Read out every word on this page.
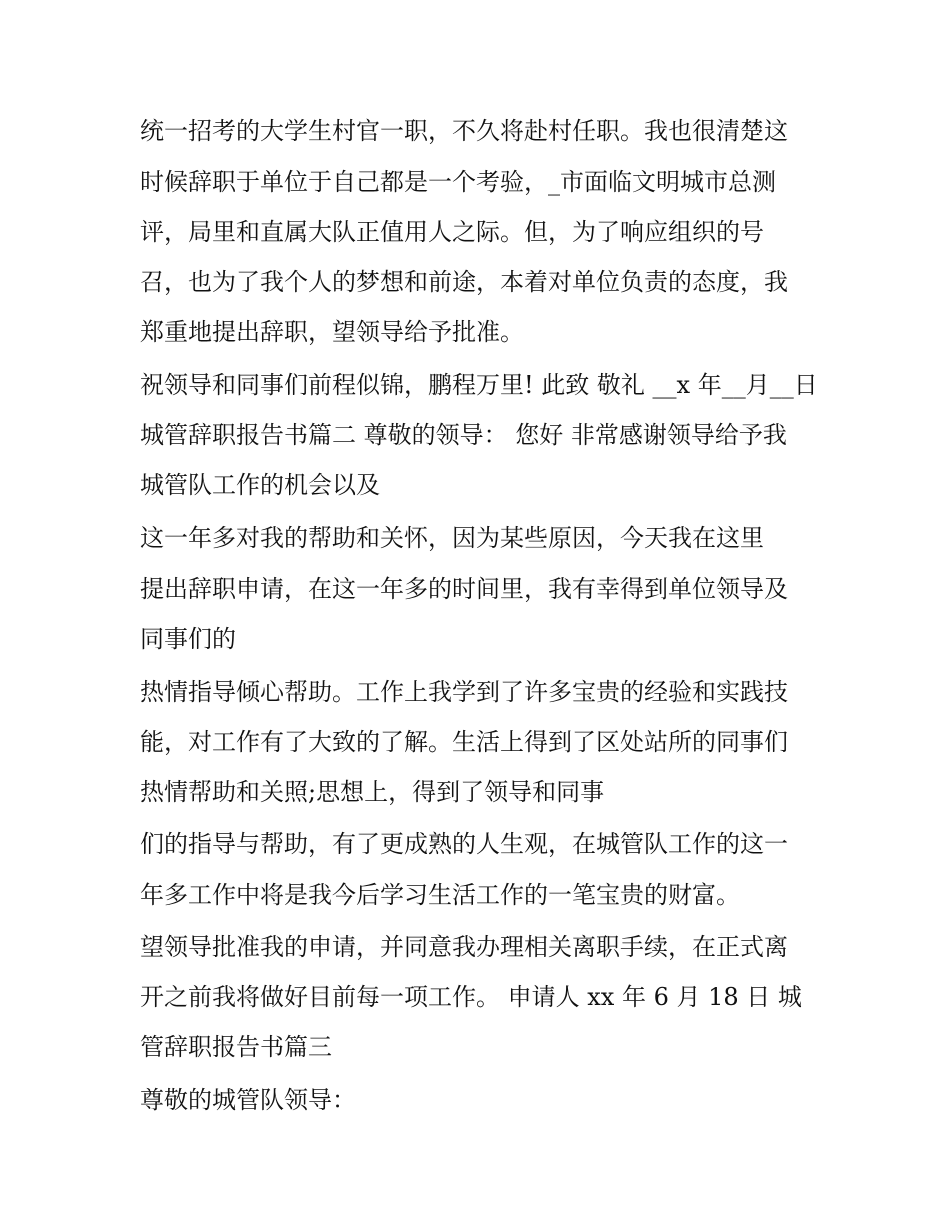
统一招考的大学生村官一职，不久将赴村任职。我也很清楚这
时候辞职于单位于自己都是一个考验，_市面临文明城市总测
评，局里和直属大队正值用人之际。但，为了响应组织的号
召，也为了我个人的梦想和前途，本着对单位负责的态度，我
郑重地提出辞职，望领导给予批准。
祝领导和同事们前程似锦，鹏程万里! 此致 敬礼 __x 年__月__日
城管辞职报告书篇二 尊敬的领导： 您好 非常感谢领导给予我
城管队工作的机会以及
这一年多对我的帮助和关怀，因为某些原因，今天我在这里
提出辞职申请，在这一年多的时间里，我有幸得到单位领导及
同事们的
热情指导倾心帮助。工作上我学到了许多宝贵的经验和实践技
能，对工作有了大致的了解。生活上得到了区处站所的同事们
热情帮助和关照;思想上，得到了领导和同事
们的指导与帮助，有了更成熟的人生观，在城管队工作的这一
年多工作中将是我今后学习生活工作的一笔宝贵的财富。
望领导批准我的申请，并同意我办理相关离职手续，在正式离
开之前我将做好目前每一项工作。 申请人 xx 年 6 月 18 日 城
管辞职报告书篇三
尊敬的城管队领导：
